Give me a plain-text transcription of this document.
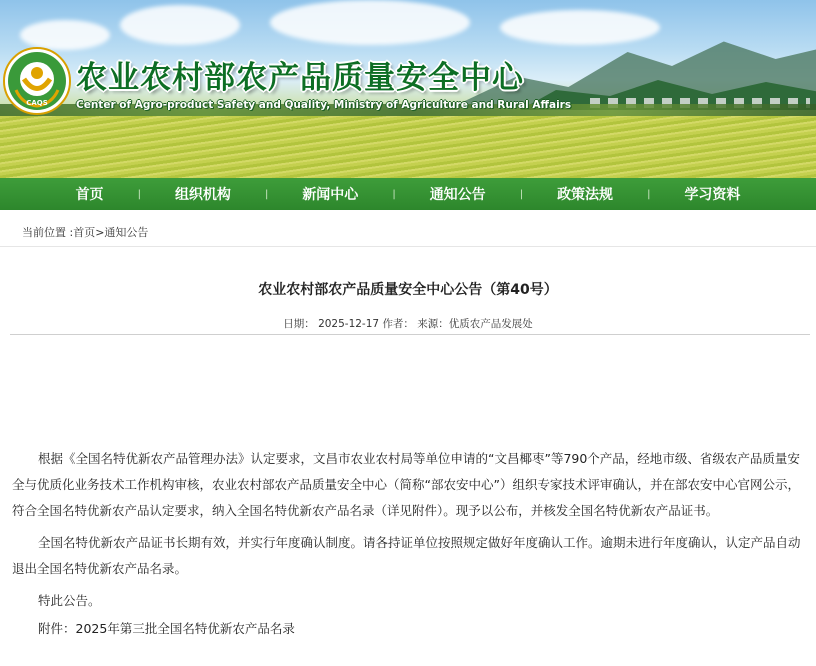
CAQS
农业农村部农产品质量安全中心
Center of Agro-product Safety and Quality, Ministry of Agriculture and Rural Affairs
首页	|	组织机构	|	新闻中心	|	通知公告	|	政策法规	|	学习资料
当前位置 :首页>通知公告
农业农村部农产品质量安全中心公告（第40号）
日期： 2025-12-17 作者： 来源：优质农产品发展处

根据《全国名特优新农产品管理办法》认定要求，文昌市农业农村局等单位申请的“文昌椰枣”等790个产品，经地市级、省级农产品质量安全与优质化业务技术工作机构审核，农业农村部农产品质量安全中心（简称“部农安中心”）组织专家技术评审确认，并在部农安中心官网公示，符合全国名特优新农产品认定要求，纳入全国名特优新农产品名录（详见附件）。现予以公布，并核发全国名特优新农产品证书。

全国名特优新农产品证书长期有效，并实行年度确认制度。请各持证单位按照规定做好年度确认工作。逾期未进行年度确认，认定产品自动退出全国名特优新农产品名录。

特此公告。

附件：2025年第三批全国名特优新农产品名录
